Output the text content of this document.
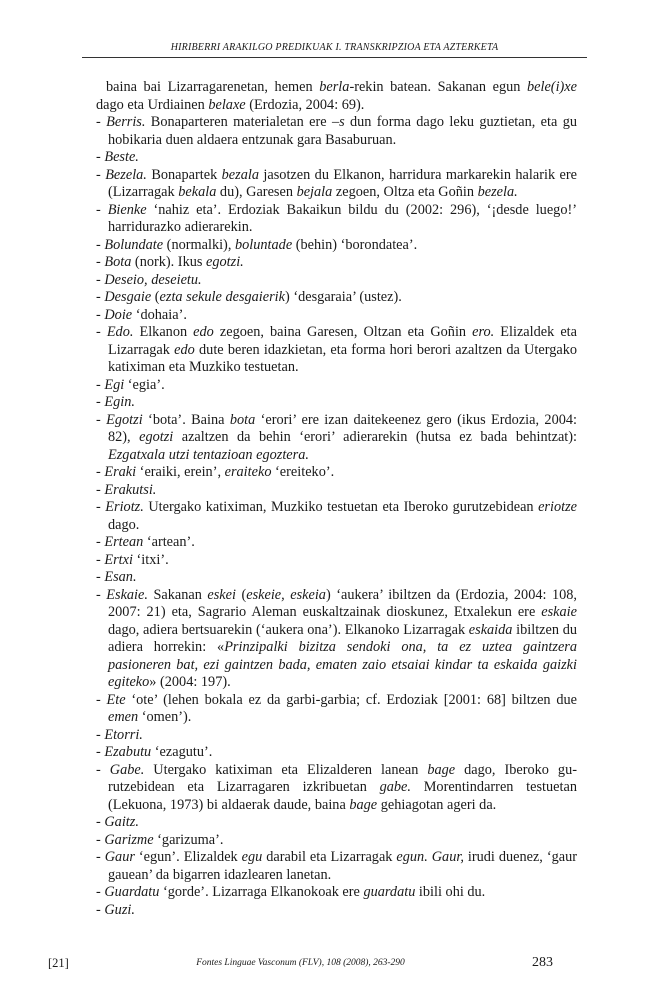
HIRIBERRI ARAKILGO PREDIKUAK I. TRANSKRIPZIOA ETA AZTERKETA
baina bai Lizarragarenetan, hemen berla-rekin batean. Sakanan egun bele(i)xe dago eta Urdiainen belaxe (Erdozia, 2004: 69).
- Berris. Bonaparteren materialetan ere –s dun forma dago leku guztietan, eta gu hobikaria duen aldaera entzunak gara Basaburuan.
- Beste.
- Bezela. Bonapartek bezala jasotzen du Elkanon, harridura markarekin halarik ere (Lizarragak bekala du), Garesen bejala zegoen, Oltza eta Goñin bezela.
- Bienke ‘nahiz eta’. Erdoziak Bakaikun bildu du (2002: 296), ‘¡desde luego!’ harridurazko adierarekin.
- Bolundate (normalki), boluntade (behin) ‘borondatea’.
- Bota (nork). Ikus egotzi.
- Deseio, deseietu.
- Desgaie (ezta sekule desgaierik) ‘desgaraia’ (ustez).
- Doie ‘dohaia’.
- Edo. Elkanon edo zegoen, baina Garesen, Oltzan eta Goñin ero. Elizaldek eta Lizarragak edo dute beren idazkietan, eta forma hori berori azaltzen da Utergako katiximan eta Muzkiko testuetan.
- Egi ‘egia’.
- Egin.
- Egotzi ‘bota’. Baina bota ‘erori’ ere izan daitekeenez gero (ikus Erdozia, 2004: 82), egotzi azaltzen da behin ‘erori’ adierarekin (hutsa ez bada behintzat): Ezgatxala utzi tentazioan egoztera.
- Eraki ‘eraiki, erein’, eraiteko ‘ereiteko’.
- Erakutsi.
- Eriotz. Utergako katiximan, Muzkiko testuetan eta Iberoko gurutzebidean eriotze dago.
- Ertean ‘artean’.
- Ertxi ‘itxi’.
- Esan.
- Eskaie. Sakanan eskei (eskeie, eskeia) ‘aukera’ ibiltzen da (Erdozia, 2004: 108, 2007: 21) eta, Sagrario Aleman euskaltzainak dioskunez, Etxalekun ere eskaie dago, adiera bertsuarekin (‘aukera ona’). Elkanoko Lizarragak eskaida ibiltzen du adiera horrekin: «Prinzipalki bizitza sendoki ona, ta ez uztea gaintzera pasioneren bat, ezi gaintzen bada, ematen zaio etsaiai kindar ta eskaida gaizki egiteko» (2004: 197).
- Ete ‘ote’ (lehen bokala ez da garbi-garbia; cf. Erdoziak [2001: 68] biltzen due emen ‘omen’).
- Etorri.
- Ezabutu ‘ezagutu’.
- Gabe. Utergako katiximan eta Elizalderen lanean bage dago, Iberoko gurutzebidean eta Lizarragaren izkribuetan gabe. Morentindarren testuetan (Lekuona, 1973) bi aldaerak daude, baina bage gehiagotan ageri da.
- Gaitz.
- Garizme ‘garizuma’.
- Gaur ‘egun’. Elizaldek egu darabil eta Lizarragak egun. Gaur, irudi duenez, ‘gaur gauean’ da bigarren idazlearen lanetan.
- Guardatu ‘gorde’. Lizarraga Elkanokoak ere guardatu ibili ohi du.
- Guzi.
[21]	Fontes Linguae Vasconum (FLV), 108 (2008), 263-290	283
